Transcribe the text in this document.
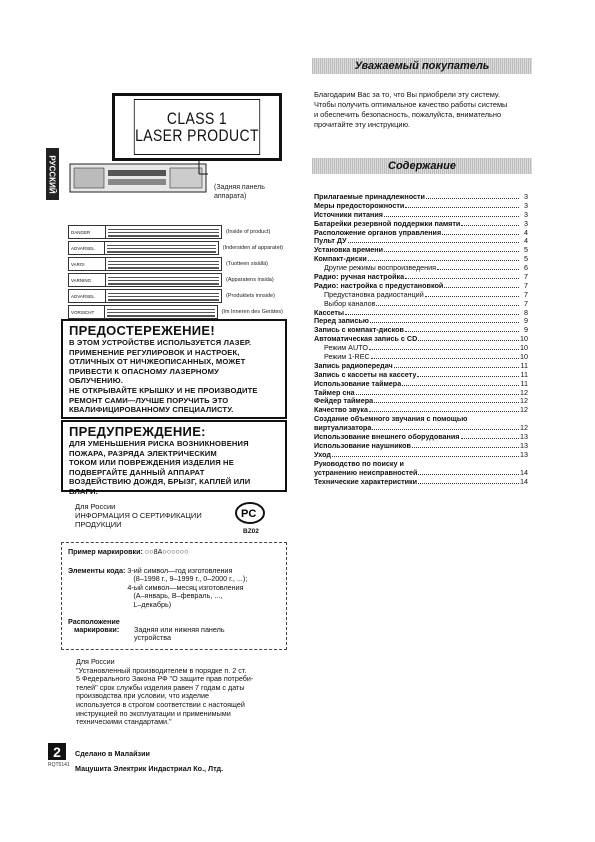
РУССКИЙ
CLASS 1
LASER PRODUCT
(Задняя панель
аппарата)
DANGER	(Inside of product)
ADVARSEL	(Indersiden af apparatet)
VARO!	(Tuotteen sisällä)
VARNING	(Apparatens insida)
ADVARSEL	(Produktets innside)
VORSICHT	(Im Inneren des Gerätes)
ПРЕДОСТЕРЕЖЕНИЕ!

В ЭТОМ УСТРОЙСТВЕ ИСПОЛЬЗУЕТСЯ ЛАЗЕР.

ПРИМЕНЕНИЕ РЕГУЛИРОВОК И НАСТРОЕК,

ОТЛИЧНЫХ ОТ НИЧЖЕОПИСАННЫХ, МОЖЕТ

ПРИВЕСТИ К ОПАСНОМУ ЛАЗЕРНОМУ

ОБЛУЧЕНИЮ.

НЕ ОТКРЫВАЙТЕ КРЫШКУ И НЕ ПРОИЗВОДИТЕ

РЕМОНТ САМИ—ЛУЧШЕ ПОРУЧИТЬ ЭТО

КВАЛИФИЦИРОВАННОМУ СПЕЦИАЛИСТУ.

ПРЕДУПРЕЖДЕНИЕ:

ДЛЯ УМЕНЬШЕНИЯ РИСКА ВОЗНИКНОВЕНИЯ

ПОЖАРА, РАЗРЯДА ЭЛЕКТРИЧЕСКИМ

ТОКОМ ИЛИ ПОВРЕЖДЕНИЯ ИЗДЕЛИЯ НЕ

ПОДВЕРГАЙТЕ ДАННЫЙ АППАРАТ

ВОЗДЕЙСТВИЮ ДОЖДЯ, БРЫЗГ, КАПЛЕЙ ИЛИ

ВЛАГИ.

Для России
ИНФОРМАЦИЯ О СЕРТИФИКАЦИИ
ПРОДУКЦИИ
PC
BZ02
Пример маркировки: ○○8А○○○○○○
Элементы кода: 3-ий символ—год изготовления
(8–1998 г., 9–1999 г., 0–2000 г., ...);
4-ый символ—месяц изготовления
(А–январь, В–февраль, ...,
L–декабрь)
Расположение
маркировки: Задняя или нижняя панель
устройства
Для России
"Установленный производителем в порядке п. 2 ст.
5 Федерального Закона РФ "О защите прав потреби-
телей" срок службы изделия равен 7 годам с даты
производства при условии, что изделие
используется в строгом соответствии с настоящей
инструкцией по эксплуатации и применимыми
техническими стандартами."
2
RQT5141
Сделано в Малайзии
Мацушита Электрик Индастриал Ко., Лтд.
Уважаемый покупатель
Благодарим Вас за то, что Вы приобрели эту систему.
Чтобы получить оптимальное качество работы системы
и обеспечить безопасность, пожалуйста, внимательно
прочитайте эту инструкцию.
Содержание
Прилагаемые принадлежности	3
Меры предосторожности	3
Источники питания	3
Батарейки резервной поддержки памяти	3
Расположение органов управления	4
Пульт ДУ	4
Установка времени	5
Компакт-диски	5
Другие режимы воспроизведения	6
Радио: ручная настройка	7
Радио: настройка с предустановкой	7
Предустановка радиостанций	7
Выбор каналов	7
Кассеты	8
Перед записью	9
Запись с компакт-дисков	9
Автоматическая запись с CD	10
Режим AUTO	10
Режим 1-REC	10
Запись радиопередач	11
Запись с кассеты на кассету	11
Использование таймера	11
Таймер сна	12
Фейдер таймера	12
Качество звука	12
Создание объемного звучания с помощью
виртуализатора	12
Использование внешнего оборудования	13
Использование наушников	13
Уход	13
Руководство по поиску и
устранению неисправностей	14
Технические характеристики	14
